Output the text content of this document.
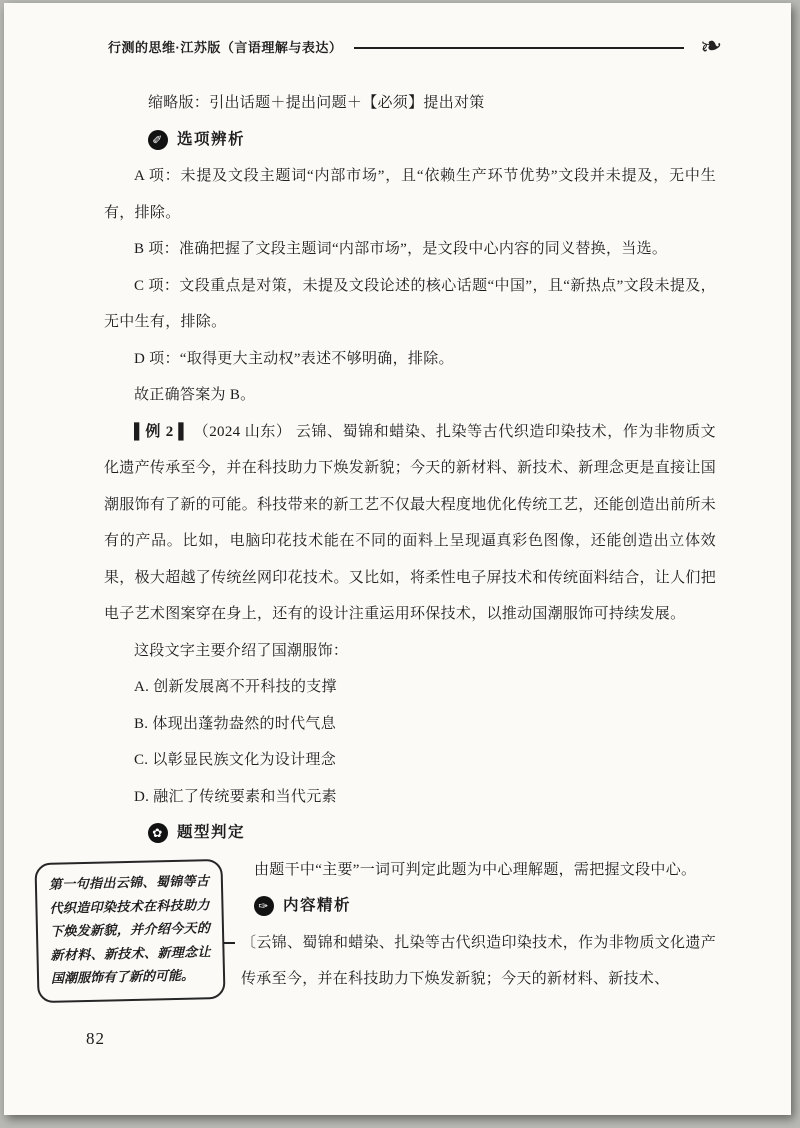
行测的思维·江苏版（言语理解与表达）	❧

缩略版：引出话题＋提出问题＋【必须】提出对策

✐ 选项辨析

A 项：未提及文段主题词“内部市场”，且“依赖生产环节优势”文段并未提及，无中生有，排除。

B 项：准确把握了文段主题词“内部市场”，是文段中心内容的同义替换，当选。

C 项：文段重点是对策，未提及文段论述的核心话题“中国”，且“新热点”文段未提及，无中生有，排除。

D 项：“取得更大主动权”表述不够明确，排除。

故正确答案为 B。

▌例 2 ▌ （2024 山东） 云锦、蜀锦和蜡染、扎染等古代织造印染技术，作为非物质文化遗产传承至今，并在科技助力下焕发新貌；今天的新材料、新技术、新理念更是直接让国潮服饰有了新的可能。科技带来的新工艺不仅最大程度地优化传统工艺，还能创造出前所未有的产品。比如，电脑印花技术能在不同的面料上呈现逼真彩色图像，还能创造出立体效果，极大超越了传统丝网印花技术。又比如，将柔性电子屏技术和传统面料结合，让人们把电子艺术图案穿在身上，还有的设计注重运用环保技术，以推动国潮服饰可持续发展。

这段文字主要介绍了国潮服饰：

A. 创新发展离不开科技的支撑

B. 体现出蓬勃盎然的时代气息

C. 以彰显民族文化为设计理念

D. 融汇了传统要素和当代元素

✿ 题型判定

由题干中“主要”一词可判定此题为中心理解题，需把握文段中心。

✑ 内容精析

〔云锦、蜀锦和蜡染、扎染等古代织造印染技术，作为非物质文化遗产传承至今，并在科技助力下焕发新貌；今天的新材料、新技术、

第一句指出云锦、蜀锦等古代织造印染技术在科技助力下焕发新貌，并介绍今天的新材料、新技术、新理念让国潮服饰有了新的可能。
82
